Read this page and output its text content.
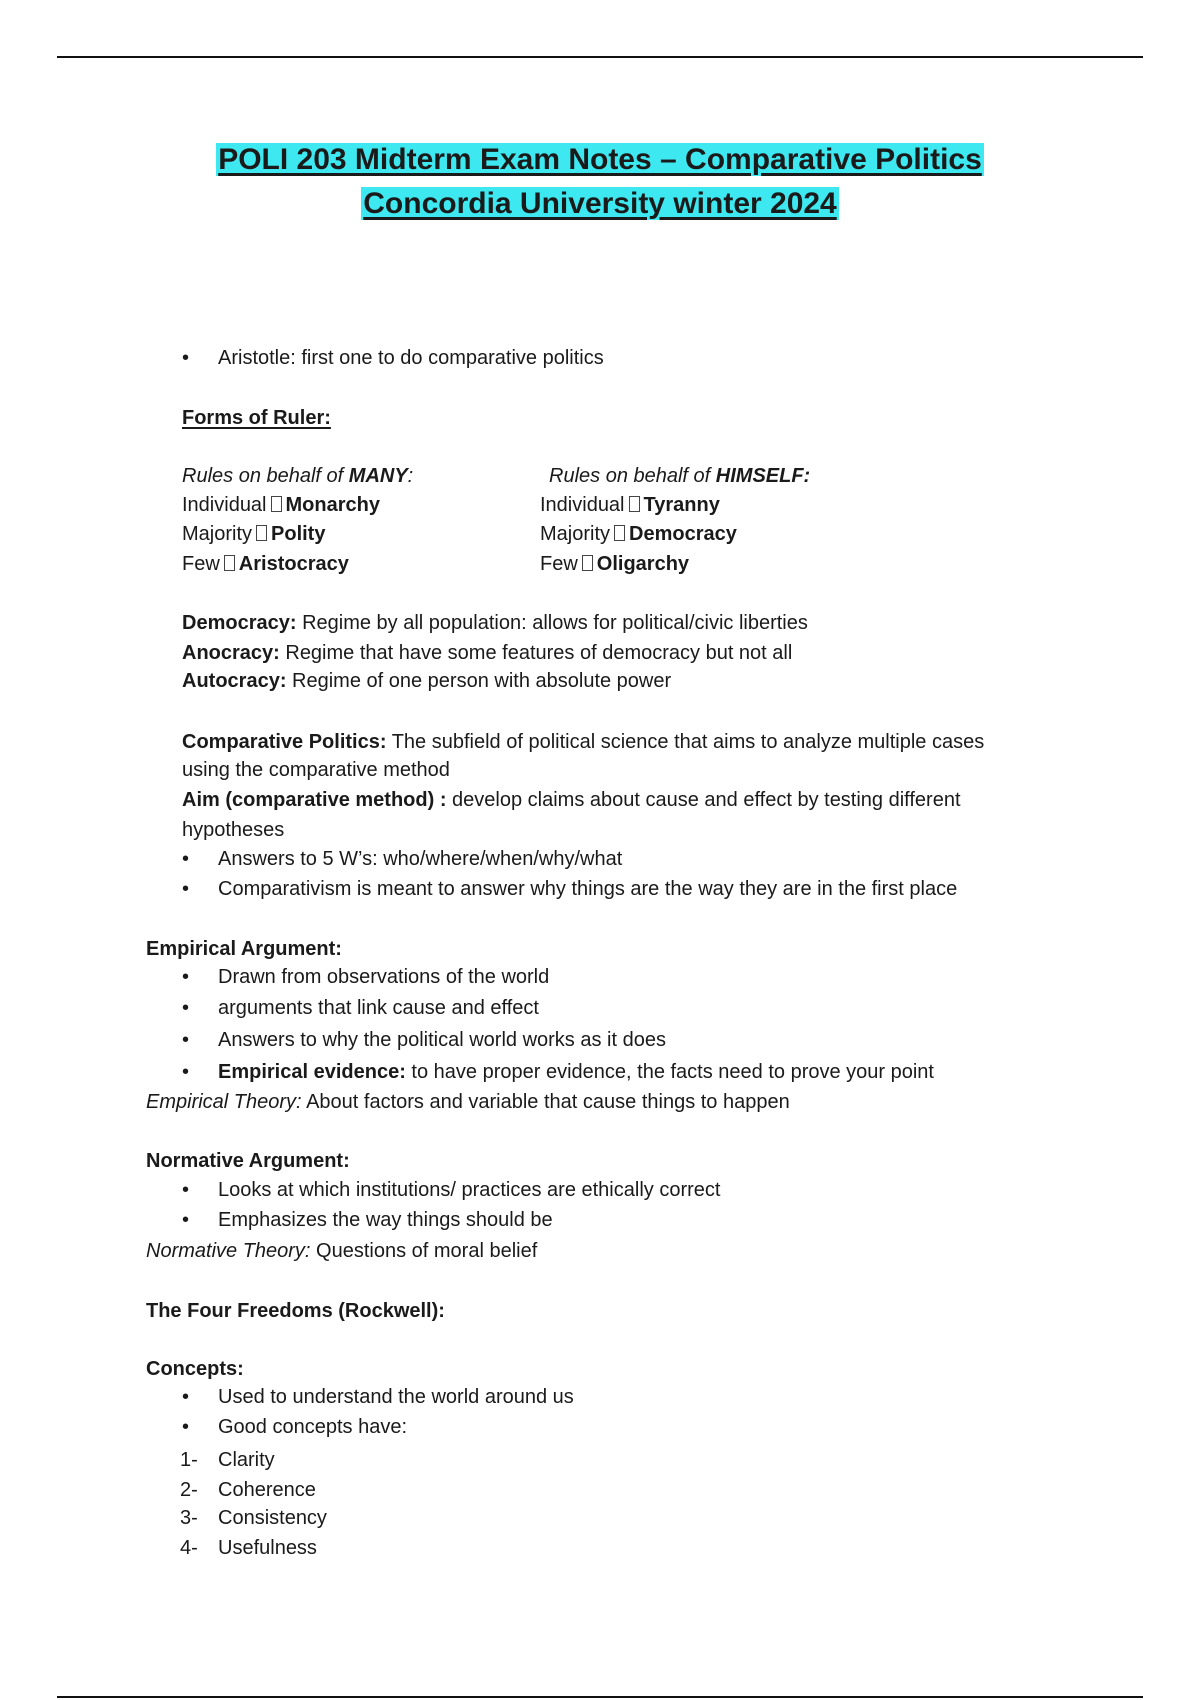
POLI 203 Midterm Exam Notes – Comparative Politics
Concordia University winter 2024
• Aristotle: first one to do comparative politics
Forms of Ruler:
Rules on behalf of MANY:
Individual Monarchy
Majority Polity
Few Aristocracy
Rules on behalf of HIMSELF:
Individual Tyranny
Majority Democracy
Few Oligarchy
Democracy: Regime by all population: allows for political/civic liberties
Anocracy: Regime that have some features of democracy but not all
Autocracy: Regime of one person with absolute power
Comparative Politics: The subfield of political science that aims to analyze multiple cases
using the comparative method
Aim (comparative method) : develop claims about cause and effect by testing different
hypotheses
• Answers to 5 W’s: who/where/when/why/what
• Comparativism is meant to answer why things are the way they are in the first place
Empirical Argument:
• Drawn from observations of the world
• arguments that link cause and effect
• Answers to why the political world works as it does
• Empirical evidence: to have proper evidence, the facts need to prove your point
Empirical Theory: About factors and variable that cause things to happen
Normative Argument:
• Looks at which institutions/ practices are ethically correct
• Emphasizes the way things should be
Normative Theory: Questions of moral belief
The Four Freedoms (Rockwell):
Concepts:
• Used to understand the world around us
• Good concepts have:
1- Clarity
2- Coherence
3- Consistency
4- Usefulness
